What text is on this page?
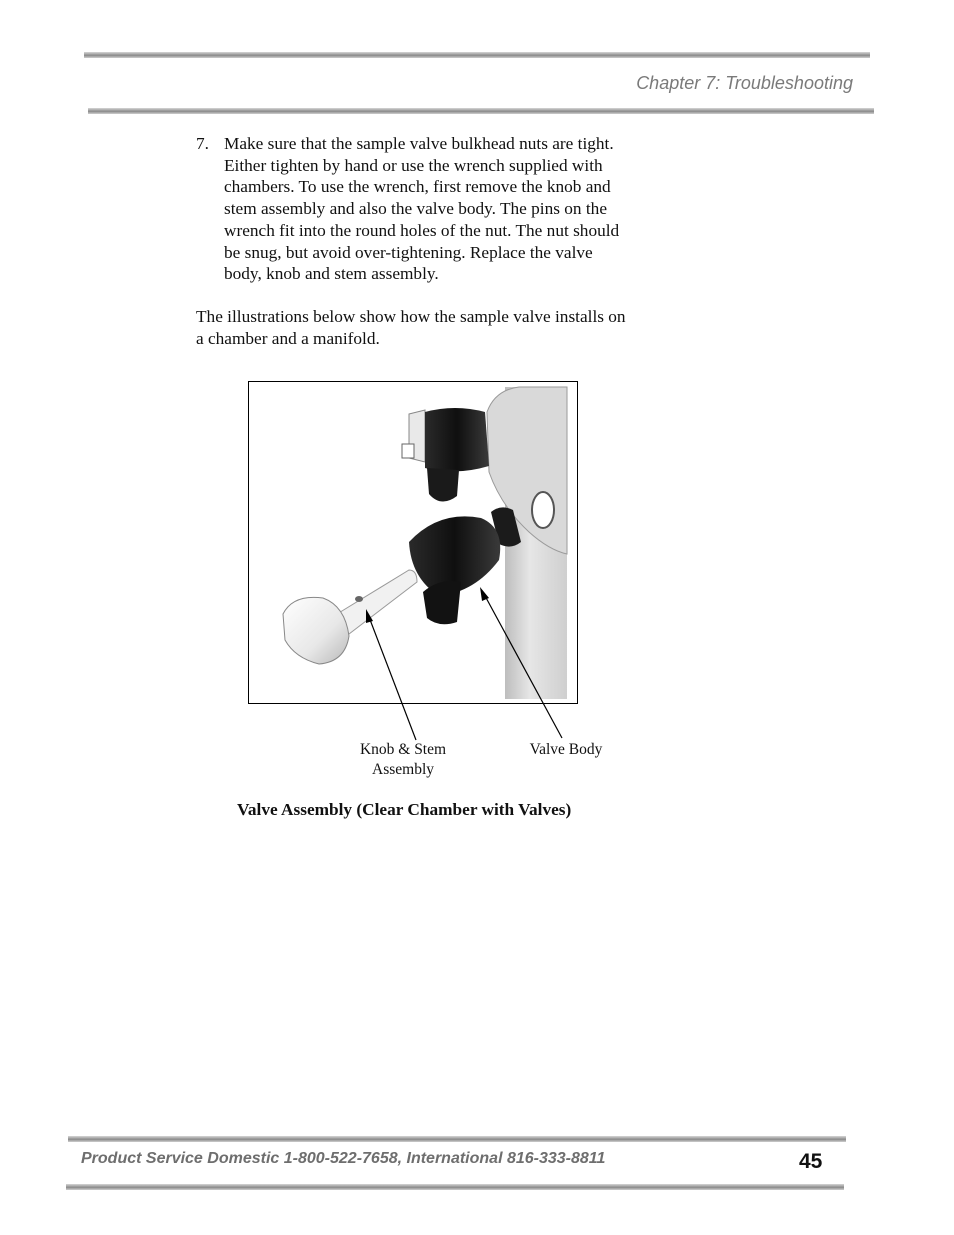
Chapter 7: Troubleshooting
7. Make sure that the sample valve bulkhead nuts are tight.
Either tighten by hand or use the wrench supplied with
chambers. To use the wrench, first remove the knob and
stem assembly and also the valve body. The pins on the
wrench fit into the round holes of the nut. The nut should
be snug, but avoid over-tightening. Replace the valve
body, knob and stem assembly.
The illustrations below show how the sample valve installs on
a chamber and a manifold.
Knob & Stem
Assembly
Valve Body
Valve Assembly (Clear Chamber with Valves)
Product Service Domestic 1-800-522-7658, International 816-333-8811	45
